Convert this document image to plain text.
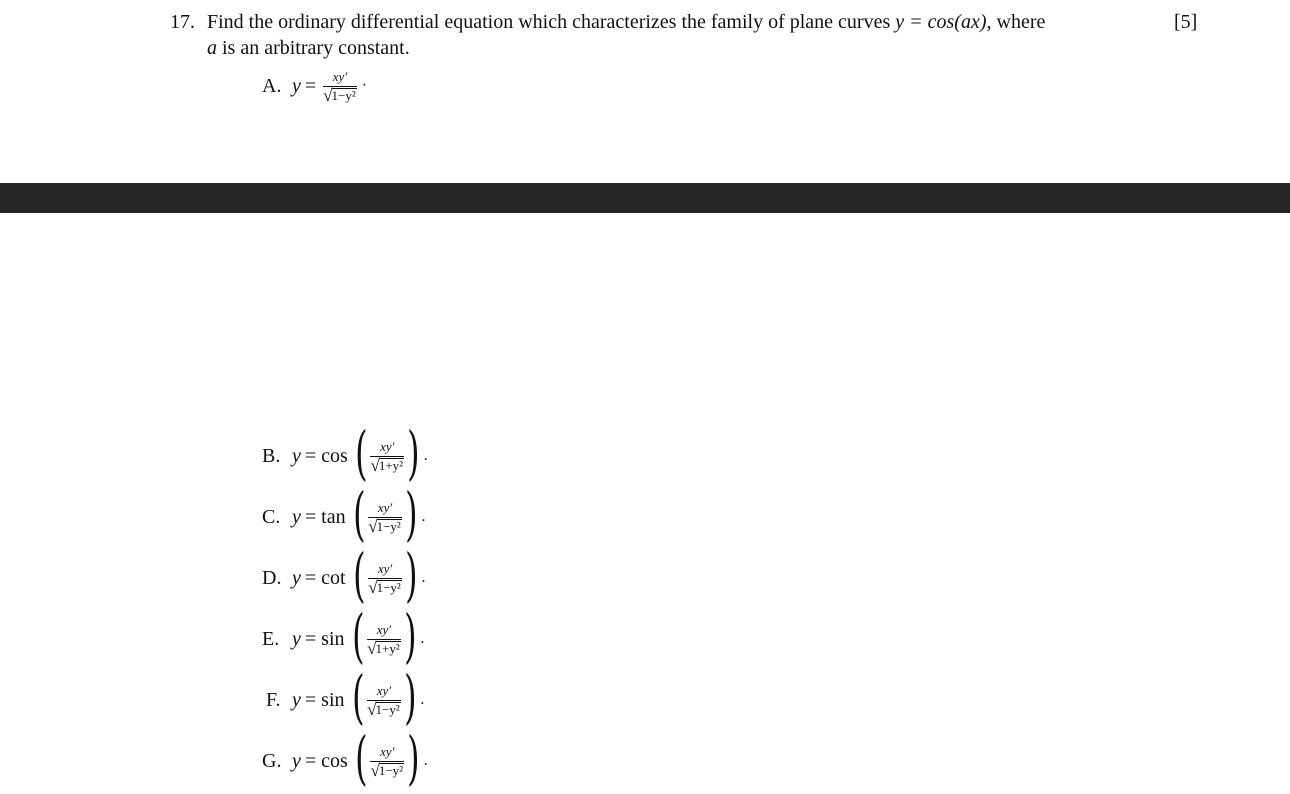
17. Find the ordinary differential equation which characterizes the family of plane curves y = cos(ax), where
a is an arbitrary constant.
[5]
A. $y = \frac{xy'}{\text{√ 1−y²}}$ ·
B. y = cos ( $\frac{xy'}{\text{√ 1+y²}}$ ) .
C. y = tan ( $\frac{xy'}{\text{√ 1−y²}}$ ) .
D. y = cot ( $\frac{xy'}{\text{√ 1−y²}}$ ) .
E. y = sin ( $\frac{xy'}{\text{√ 1+y²}}$ ) .
F. y = sin ( $\frac{xy'}{\text{√ 1−y²}}$ ) .
G. y = cos ( $\frac{xy'}{\text{√ 1−y²}}$ ) .
